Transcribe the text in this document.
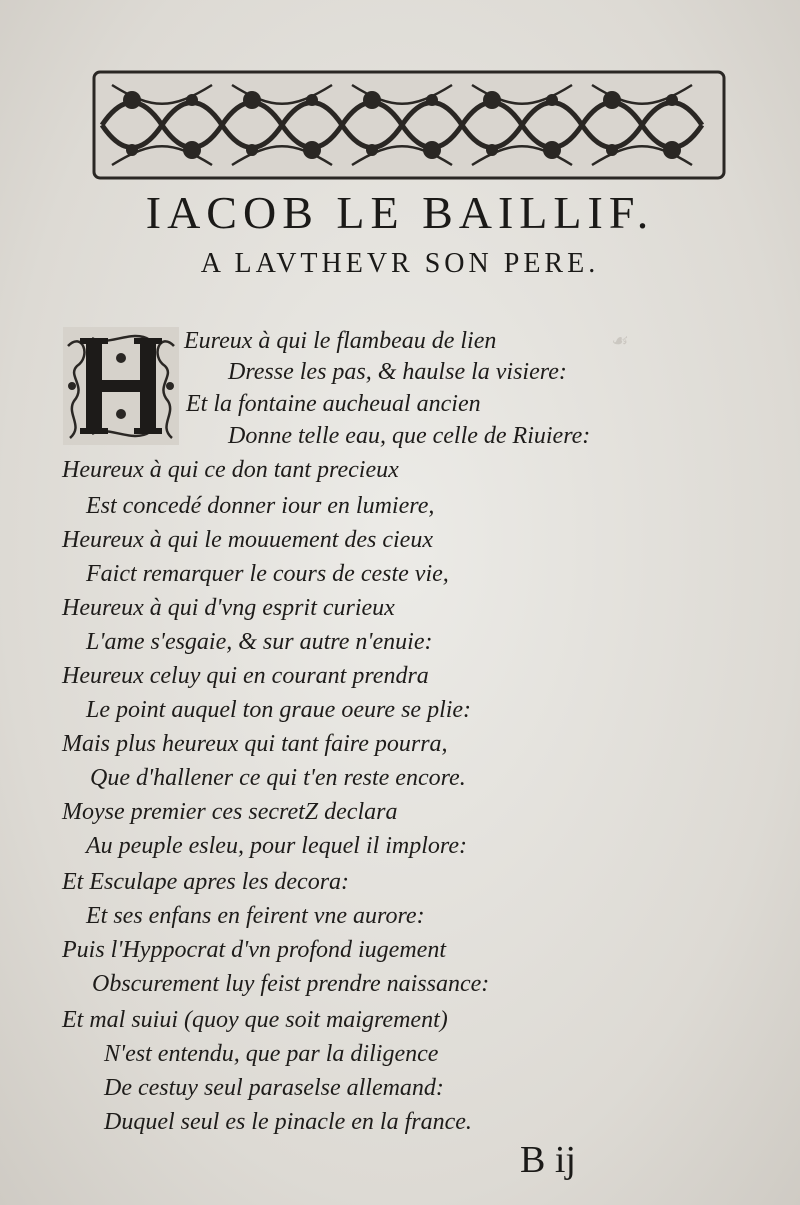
☙
IACOB LE BAILLIF.
A LAVTHEVR SON PERE.
Eureux à qui le flambeau de lien
Dresse les pas, & haulse la visiere:
Et la fontaine aucheual ancien
Donne telle eau, que celle de Riuiere:
Heureux à qui ce don tant precieux
Est concedé donner iour en lumiere,
Heureux à qui le mouuement des cieux
Faict remarquer le cours de ceste vie,
Heureux à qui d'vng esprit curieux
L'ame s'esgaie, & sur autre n'enuie:
Heureux celuy qui en courant prendra
Le point auquel ton graue oeure se plie:
Mais plus heureux qui tant faire pourra,
Que d'hallener ce qui t'en reste encore.
Moyse premier ces secretZ declara
Au peuple esleu, pour lequel il implore:
Et Esculape apres les decora:
Et ses enfans en feirent vne aurore:
Puis l'Hyppocrat d'vn profond iugement
Obscurement luy feist prendre naissance:
Et mal suiui (quoy que soit maigrement)
N'est entendu, que par la diligence
De cestuy seul paraselse allemand:
Duquel seul es le pinacle en la france.
B ij
